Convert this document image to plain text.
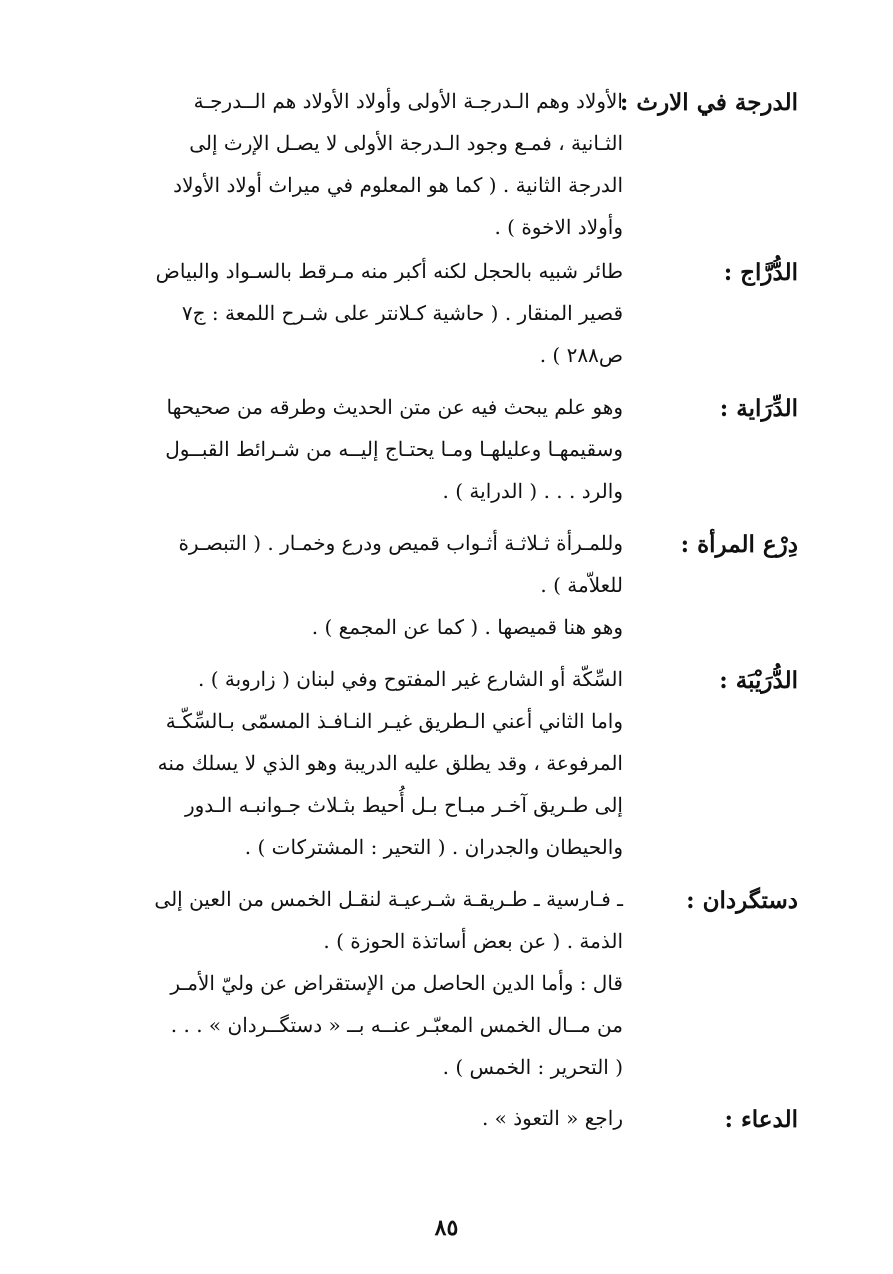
الدرجة في الارث :
الأولاد وهم الـدرجـة الأولى وأولاد الأولاد هم الــدرجـة
الثـانية ، فمـع وجود الـدرجة الأولى لا يصـل الإرث إلى
الدرجة الثانية . ( كما هو المعلوم في ميراث أولاد الأولاد
وأولاد الاخوة ) .
الدُّرَّاج :
طائر شبيه بالحجل لكنه أكبر منه مـرقط بالسـواد والبياض
قصير المنقار . ( حاشية كـلانتر على شـرح اللمعة : ج٧
ص٢٨٨ ) .
الدِّرَاية :
وهو علم يبحث فيه عن متن الحديث وطرقه من صحيحها
وسقيمهـا وعليلهـا ومـا يحتـاج إليــه من شـرائط القبــول
والرد . . . ( الدراية ) .
دِرْع المرأة :
وللمـرأة ثـلاثـة أثـواب قميص ودرع وخمـار . ( التبصـرة
للعلاّمة ) .
وهو هنا قميصها . ( كما عن المجمع ) .
الدُّرَيْبَة :
السِّكّة أو الشارع غير المفتوح وفي لبنان ( زاروبة ) .
واما الثاني أعني الـطريق غيـر النـافـذ المسمّى بـالسِّكّـة
المرفوعة ، وقد يطلق عليه الدريبة وهو الذي لا يسلك منه
إلى طـريق آخـر مبـاح بـل أُحيط بثـلاث جـوانبـه الـدور
والحيطان والجدران . ( التحير : المشتركات ) .
دستگردان :
ـ فـارسية ـ طـريقـة شـرعيـة لنقـل الخمس من العين إلى
الذمة . ( عن بعض أساتذة الحوزة ) .
قال : وأما الدين الحاصل من الإستقراض عن وليّ الأمـر
من مــال الخمس المعبّـر عنــه بــ « دستگــردان » . . .
( التحرير : الخمس ) .
الدعاء :
راجع « التعوذ » .
٨٥
